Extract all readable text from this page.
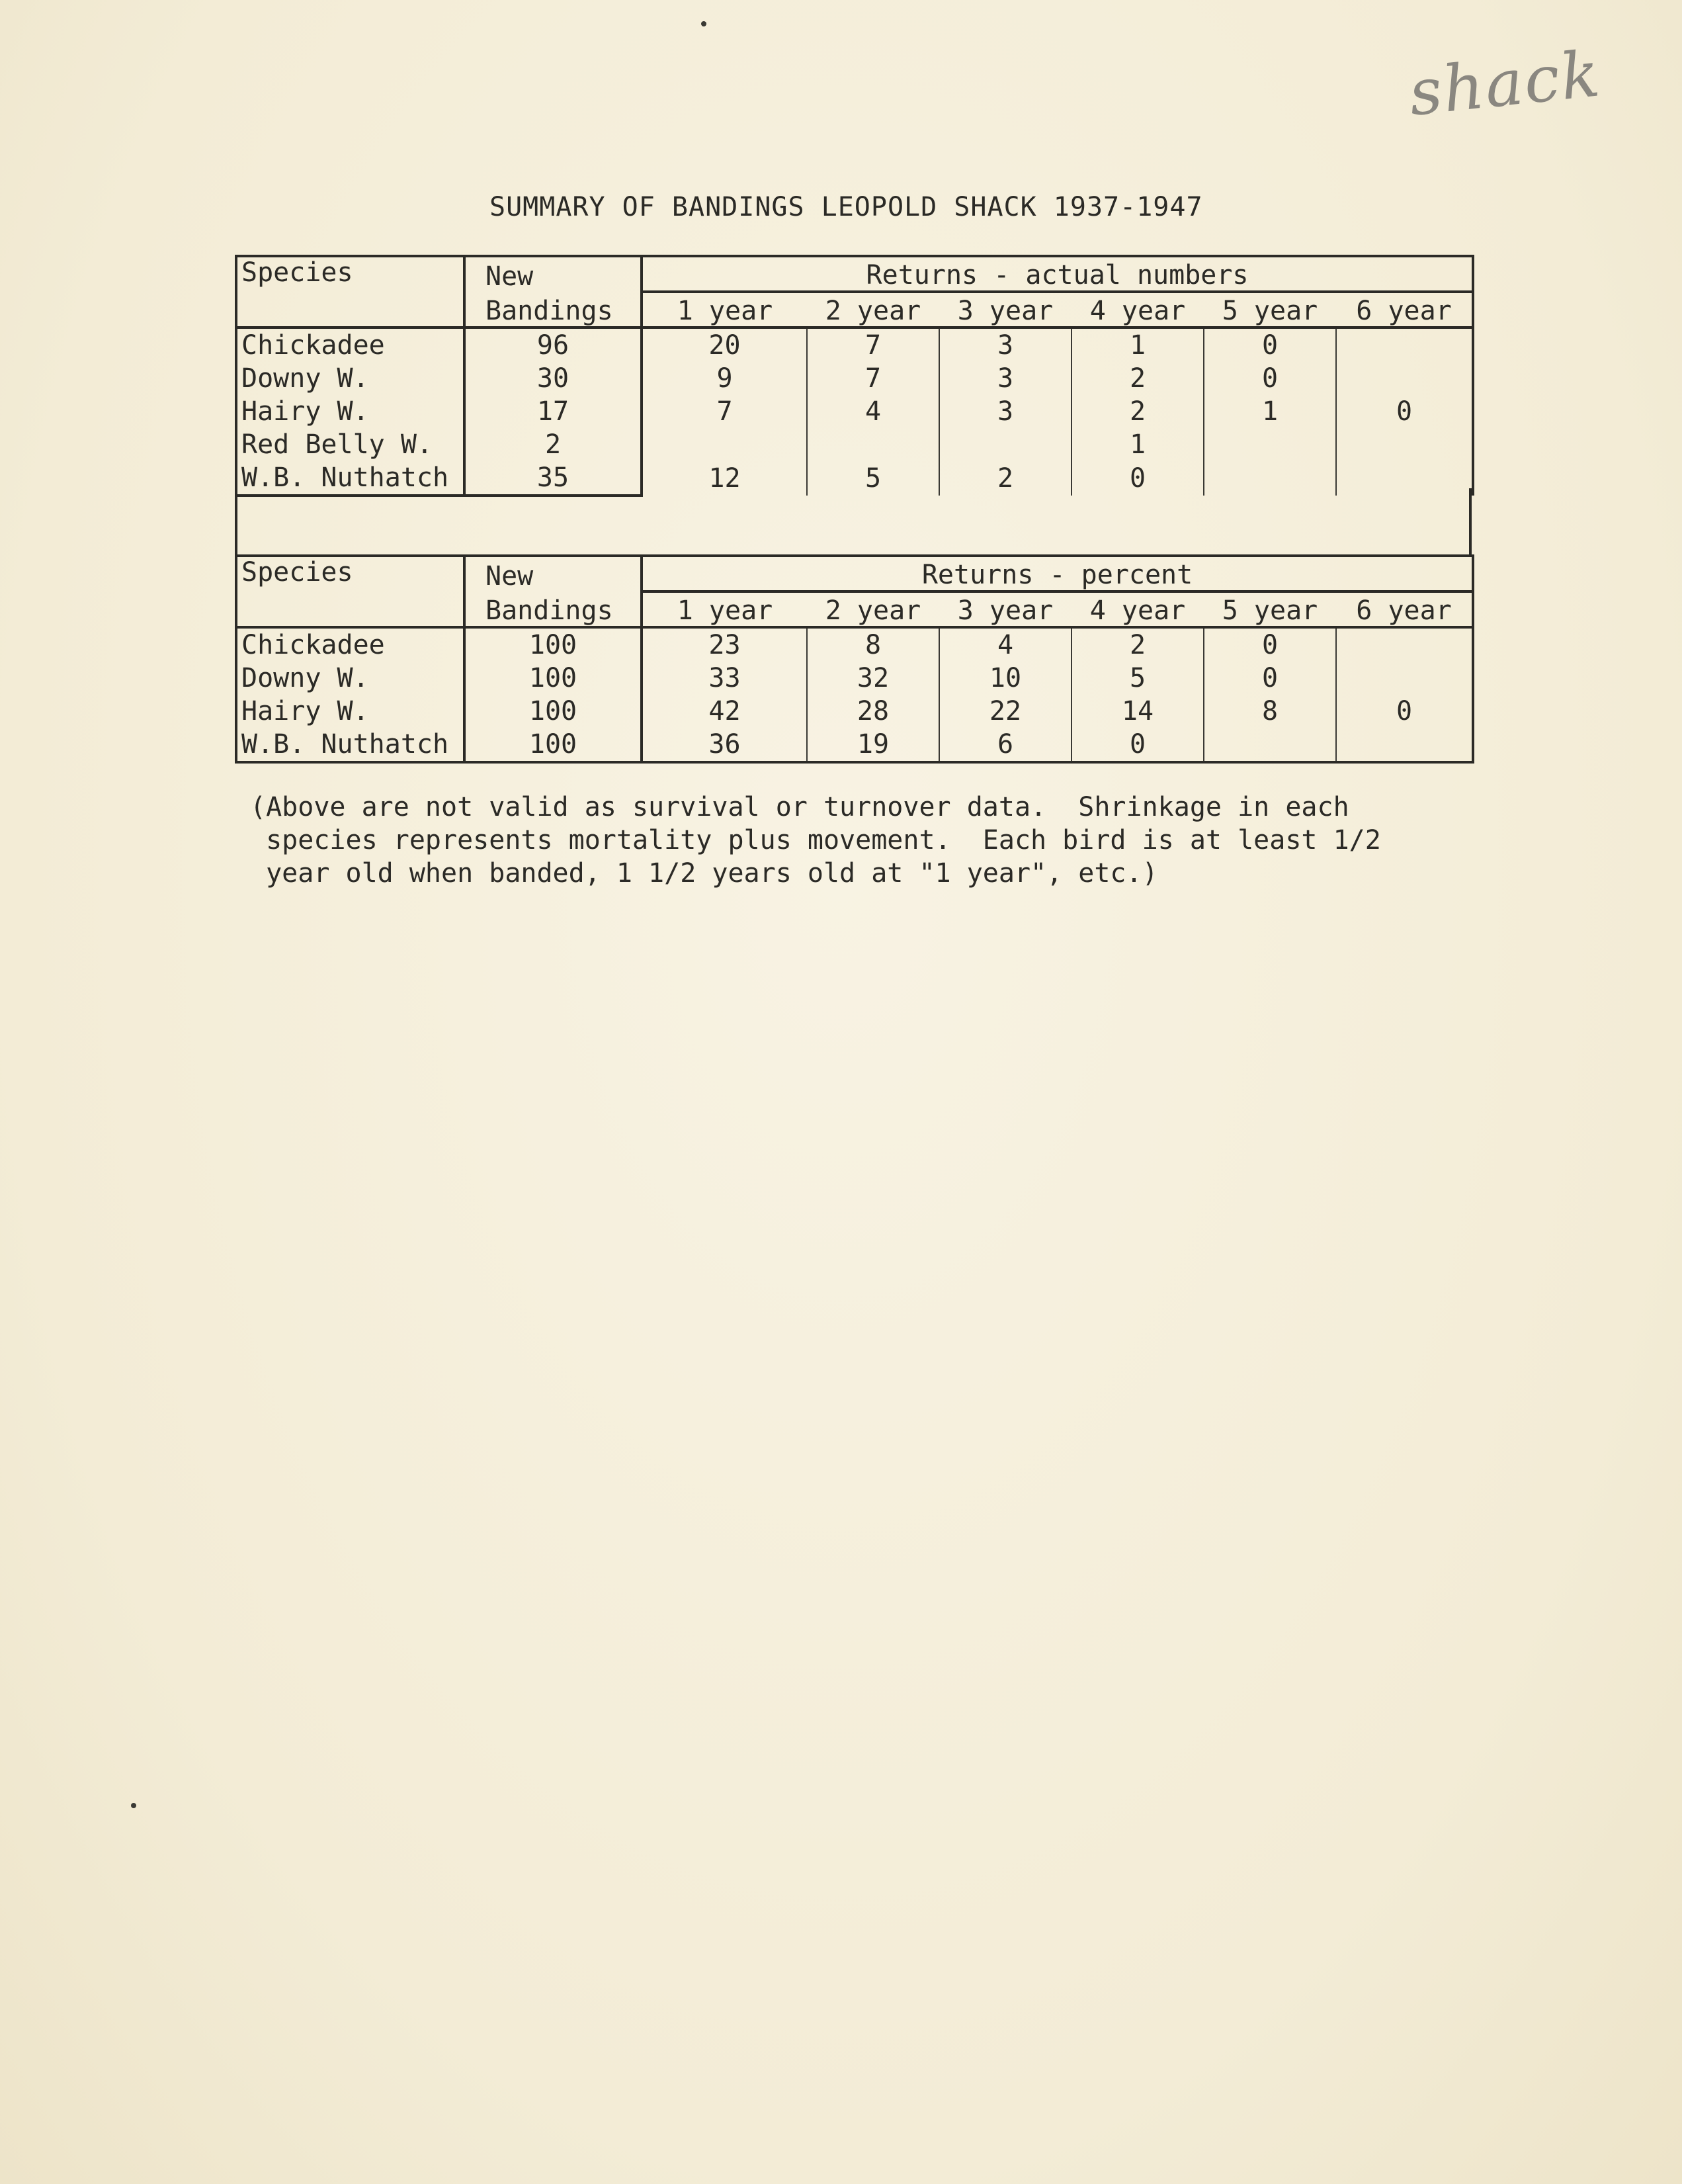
shack
SUMMARY OF BANDINGS LEOPOLD SHACK 1937-1947
Species	New	Returns - actual numbers					
	Bandings	1 year	2 year	3 year	4 year	5 year	6 year
Chickadee	96	20	7	3	1	0	
Downy W.	30	9	7	3	2	0	
Hairy W.	17	7	4	3	2	1	0
Red Belly W.	2				1		
W.B. Nuthatch	35	12	5	2	0		
Species	New	Returns - percent					
	Bandings	1 year	2 year	3 year	4 year	5 year	6 year
Chickadee	100	23	8	4	2	0	
Downy W.	100	33	32	10	5	0	
Hairy W.	100	42	28	22	14	8	0
W.B. Nuthatch	100	36	19	6	0		
(Above are not valid as survival or turnover data.  Shrinkage in each
species represents mortality plus movement.  Each bird is at least 1/2
year old when banded, 1 1/2 years old at "1 year", etc.)
